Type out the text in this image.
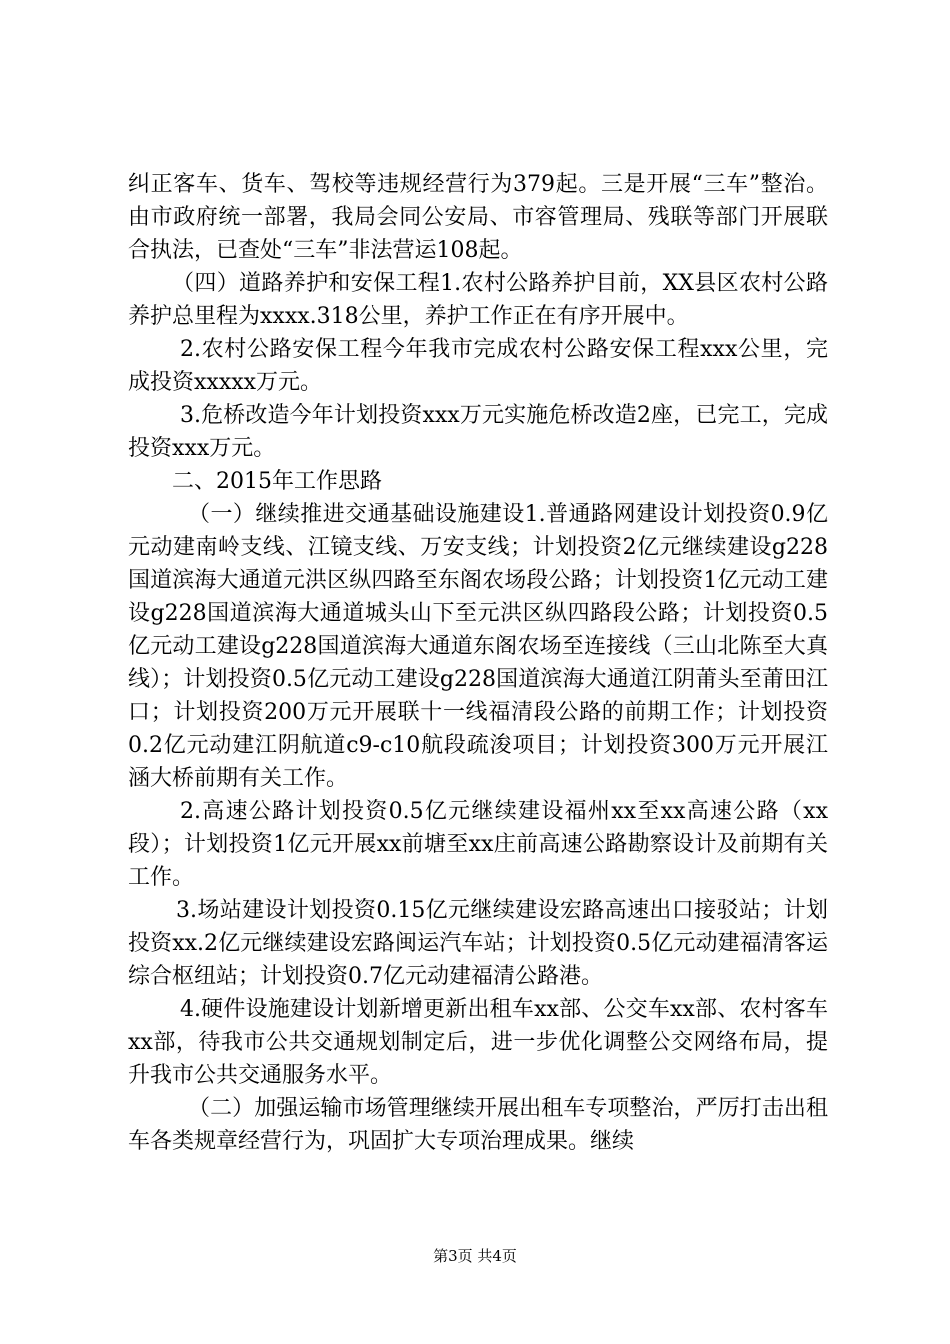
纠正客车、货车、驾校等违规经营行为379起。三是开展“三车”整治。由市政府统一部署，我局会同公安局、市容管理局、残联等部门开展联合执法，已查处“三车”非法营运108起。

（四）道路养护和安保工程1.农村公路养护目前，XX县区农村公路养护总里程为xxxx.318公里，养护工作正在有序开展中。

2.农村公路安保工程今年我市完成农村公路安保工程xxx公里，完成投资xxxxx万元。

3.危桥改造今年计划投资xxx万元实施危桥改造2座，已完工，完成投资xxx万元。

二、2015年工作思路

（一）继续推进交通基础设施建设1.普通路网建设计划投资0.9亿元动建南岭支线、江镜支线、万安支线；计划投资2亿元继续建设g228国道滨海大通道元洪区纵四路至东阁农场段公路；计划投资1亿元动工建设g228国道滨海大通道城头山下至元洪区纵四路段公路；计划投资0.5亿元动工建设g228国道滨海大通道东阁农场至连接线（三山北陈至大真线）；计划投资0.5亿元动工建设g228国道滨海大通道江阴莆头至莆田江口；计划投资200万元开展联十一线福清段公路的前期工作；计划投资0.2亿元动建江阴航道c9-c10航段疏浚项目；计划投资300万元开展江涵大桥前期有关工作。

2.高速公路计划投资0.5亿元继续建设福州xx至xx高速公路（xx段）；计划投资1亿元开展xx前塘至xx庄前高速公路勘察设计及前期有关工作。

3.场站建设计划投资0.15亿元继续建设宏路高速出口接驳站；计划投资xx.2亿元继续建设宏路闽运汽车站；计划投资0.5亿元动建福清客运综合枢纽站；计划投资0.7亿元动建福清公路港。

4.硬件设施建设计划新增更新出租车xx部、公交车xx部、农村客车xx部，待我市公共交通规划制定后，进一步优化调整公交网络布局，提升我市公共交通服务水平。

（二）加强运输市场管理继续开展出租车专项整治，严厉打击出租车各类规章经营行为，巩固扩大专项治理成果。继续

第3页 共4页
